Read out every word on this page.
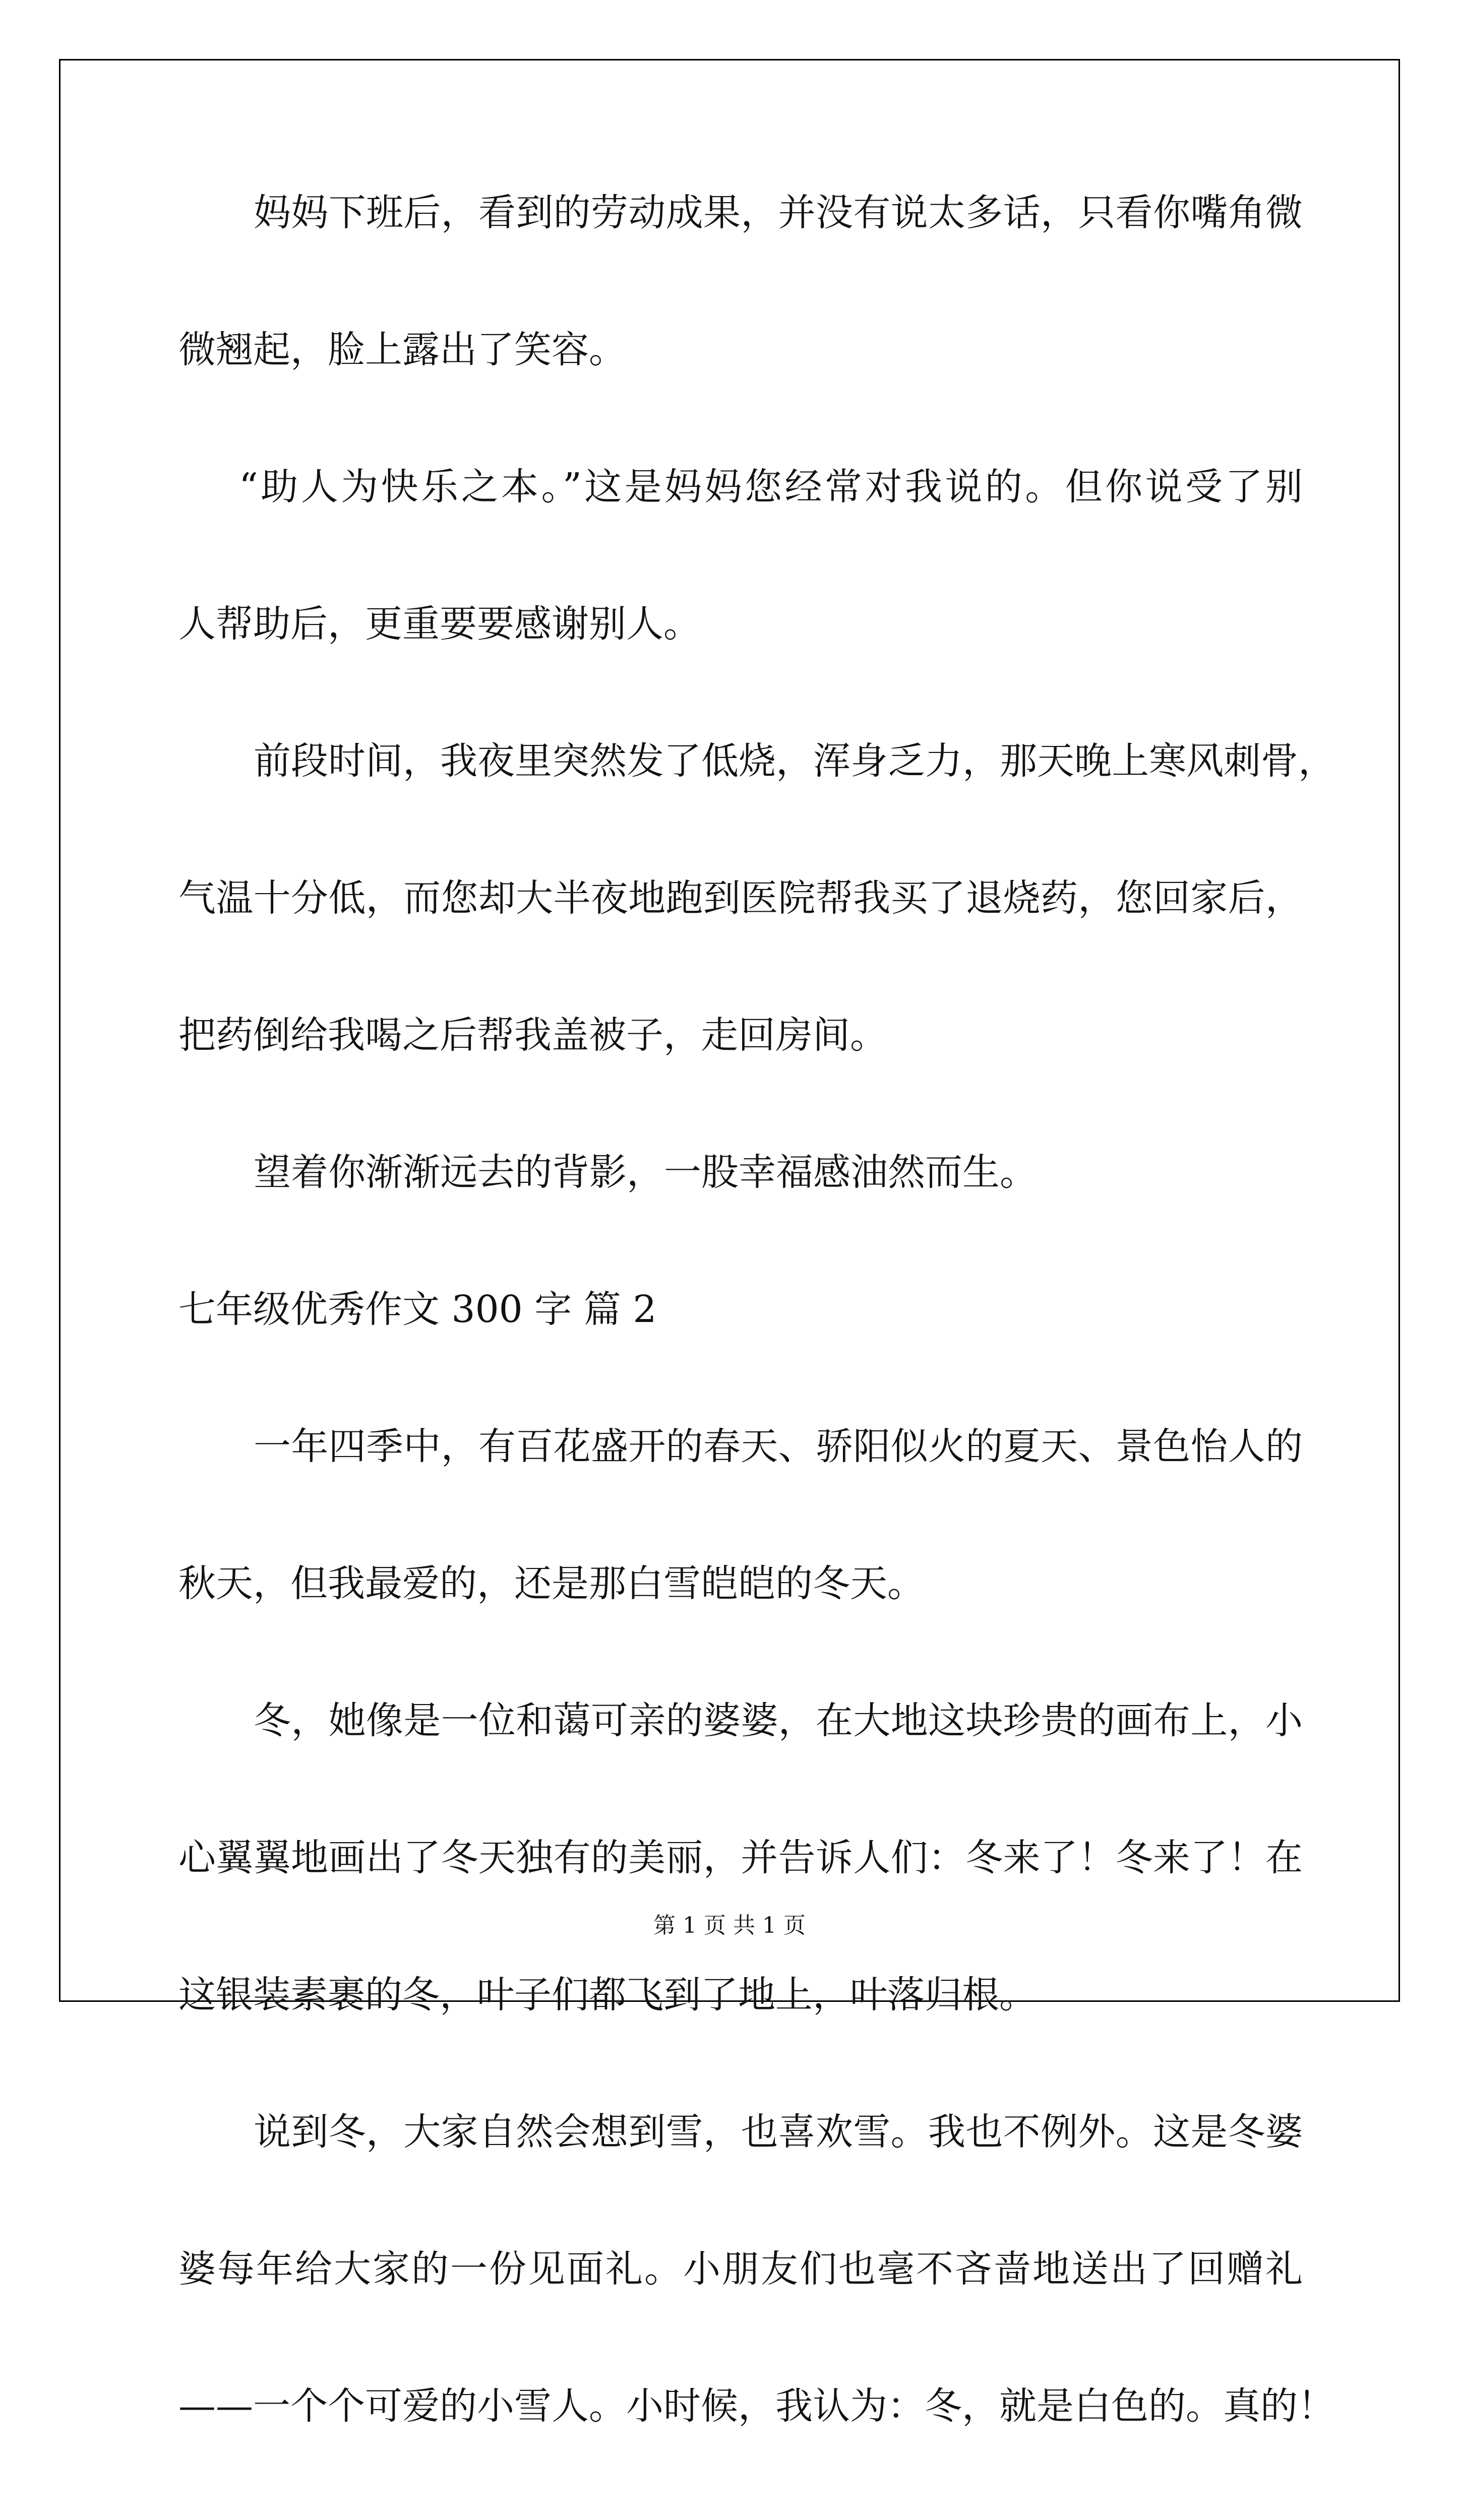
妈妈下班后，看到的劳动成果，并没有说太多话，只看你嘴角微
微翘起，脸上露出了笑容。
“助人为快乐之本。”这是妈妈您经常对我说的。但你说受了别
人帮助后，更重要要感谢别人。
前段时间，我夜里突然发了低烧，浑身乏力，那天晚上寒风刺骨，
气温十分低，而您却大半夜地跑到医院帮我买了退烧药，您回家后，
把药倒给我喝之后帮我盖被子，走回房间。
望着你渐渐远去的背影，一股幸福感油然而生。
七年级优秀作文 300 字 篇 2
一年四季中，有百花盛开的春天、骄阳似火的夏天、景色怡人的
秋天，但我最爱的，还是那白雪皑皑的冬天。
冬，她像是一位和蔼可亲的婆婆，在大地这块珍贵的画布上，小
心翼翼地画出了冬天独有的美丽，并告诉人们：冬来了！冬来了！在
这银装素裹的冬，叶子们都飞到了地上，叶落归根。
说到冬，大家自然会想到雪，也喜欢雪。我也不例外。这是冬婆
婆每年给大家的一份见面礼。小朋友们也毫不吝啬地送出了回赠礼
——一个个可爱的小雪人。小时候，我认为：冬，就是白色的。真的！
第 1 页 共 1 页
